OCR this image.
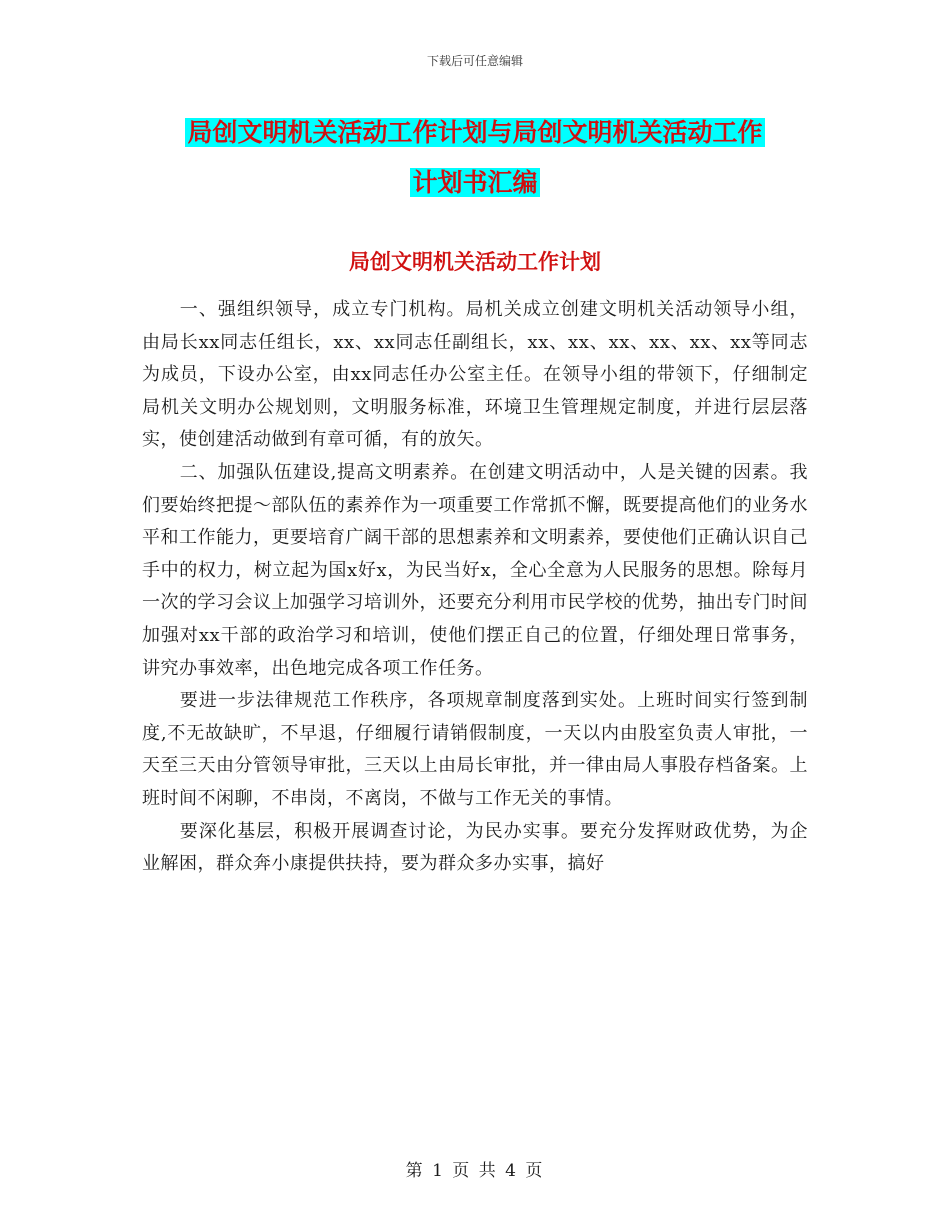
下载后可任意编辑
局创文明机关活动工作计划与局创文明机关活动工作
计划书汇编
局创文明机关活动工作计划

一、强组织领导，成立专门机构。局机关成立创建文明机关活动领导小组，由局长xx同志任组长，xx、xx同志任副组长，xx、xx、xx、xx、xx、xx等同志为成员，下设办公室，由xx同志任办公室主任。在领导小组的带领下，仔细制定局机关文明办公规划则，文明服务标准，环境卫生管理规定制度，并进行层层落实，使创建活动做到有章可循，有的放矢。

二、加强队伍建设,提高文明素养。在创建文明活动中，人是关键的因素。我们要始终把提～部队伍的素养作为一项重要工作常抓不懈，既要提高他们的业务水平和工作能力，更要培育广阔干部的思想素养和文明素养，要使他们正确认识自己手中的权力，树立起为国x好x，为民当好x，全心全意为人民服务的思想。除每月一次的学习会议上加强学习培训外，还要充分利用市民学校的优势，抽出专门时间加强对xx干部的政治学习和培训，使他们摆正自己的位置，仔细处理日常事务，讲究办事效率，出色地完成各项工作任务。

要进一步法律规范工作秩序，各项规章制度落到实处。上班时间实行签到制度,不无故缺旷，不早退，仔细履行请销假制度，一天以内由股室负责人审批，一天至三天由分管领导审批，三天以上由局长审批，并一律由局人事股存档备案。上班时间不闲聊，不串岗，不离岗，不做与工作无关的事情。

要深化基层，积极开展调查讨论，为民办实事。要充分发挥财政优势，为企业解困，群众奔小康提供扶持，要为群众多办实事，搞好

第 1 页 共 4 页
